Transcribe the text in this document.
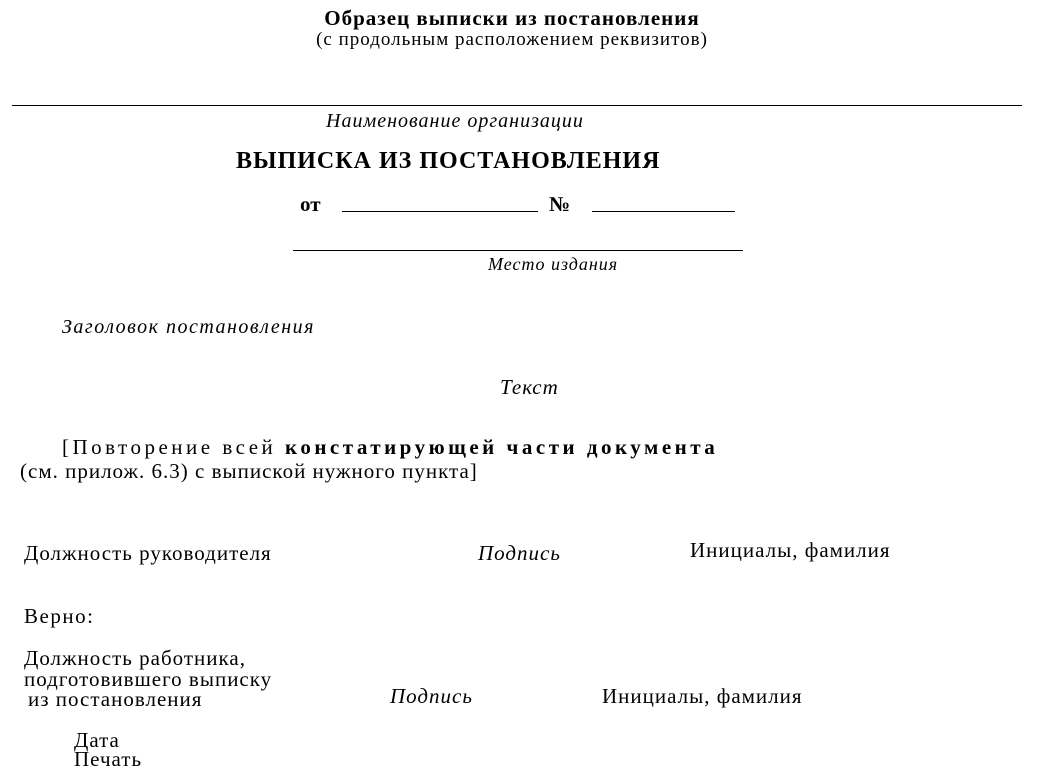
Образец выписки из постановления
(с продольным расположением реквизитов)
Наименование организации
ВЫПИСКА ИЗ ПОСТАНОВЛЕНИЯ
от	№
Место издания
Заголовок постановления
Текст
[Повторение всей констатирующей части документа
(см. прилож. 6.3) с выпиской нужного пункта]
Должность руководителя	Подпись	Инициалы, фамилия
Верно:
Должность работника,
подготовившего выписку
из постановления	Подпись	Инициалы, фамилия
Дата
Печать
